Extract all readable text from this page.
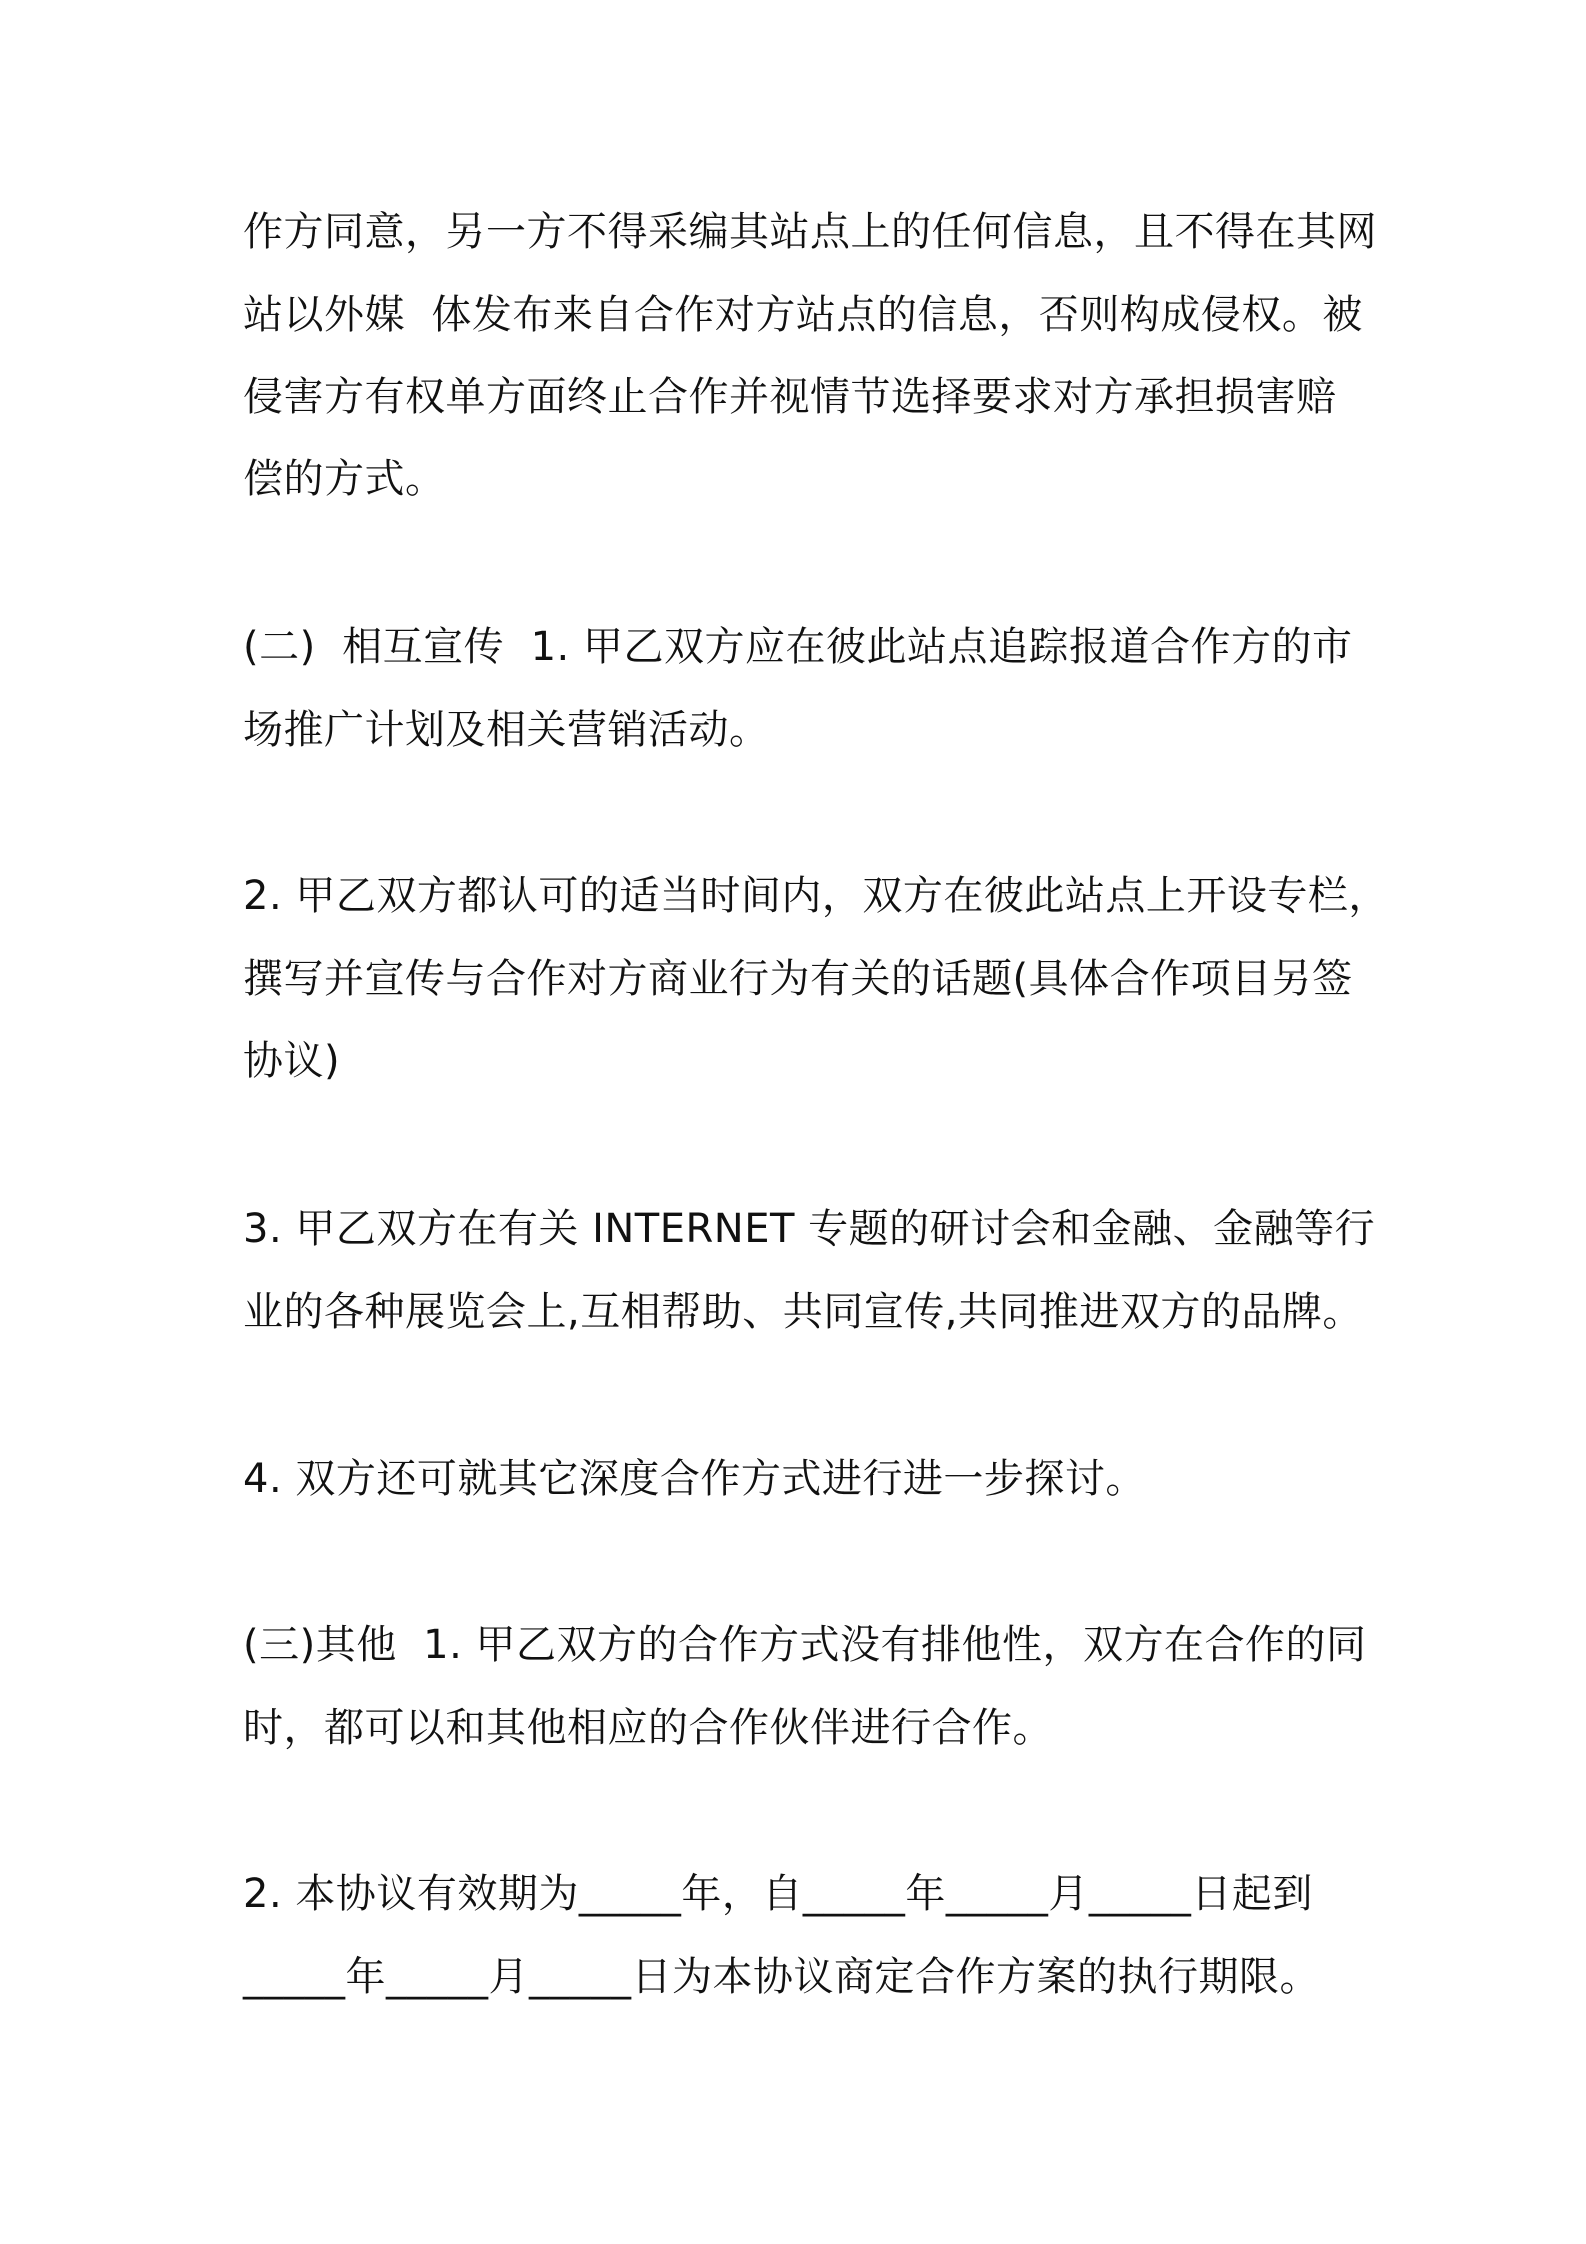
作方同意，另一方不得采编其站点上的任何信息，且不得在其网
站以外媒  体发布来自合作对方站点的信息，否则构成侵权。被
侵害方有权单方面终止合作并视情节选择要求对方承担损害赔
偿的方式。
(二)  相互宣传  1. 甲乙双方应在彼此站点追踪报道合作方的市
场推广计划及相关营销活动。
2. 甲乙双方都认可的适当时间内，双方在彼此站点上开设专栏，
撰写并宣传与合作对方商业行为有关的话题(具体合作项目另签
协议)
3. 甲乙双方在有关 INTERNET 专题的研讨会和金融、金融等行
业的各种展览会上,互相帮助、共同宣传,共同推进双方的品牌。
4. 双方还可就其它深度合作方式进行进一步探讨。
(三)其他  1. 甲乙双方的合作方式没有排他性，双方在合作的同
时，都可以和其他相应的合作伙伴进行合作。
2. 本协议有效期为_____年，自_____年_____月_____日起到
_____年_____月_____日为本协议商定合作方案的执行期限。
